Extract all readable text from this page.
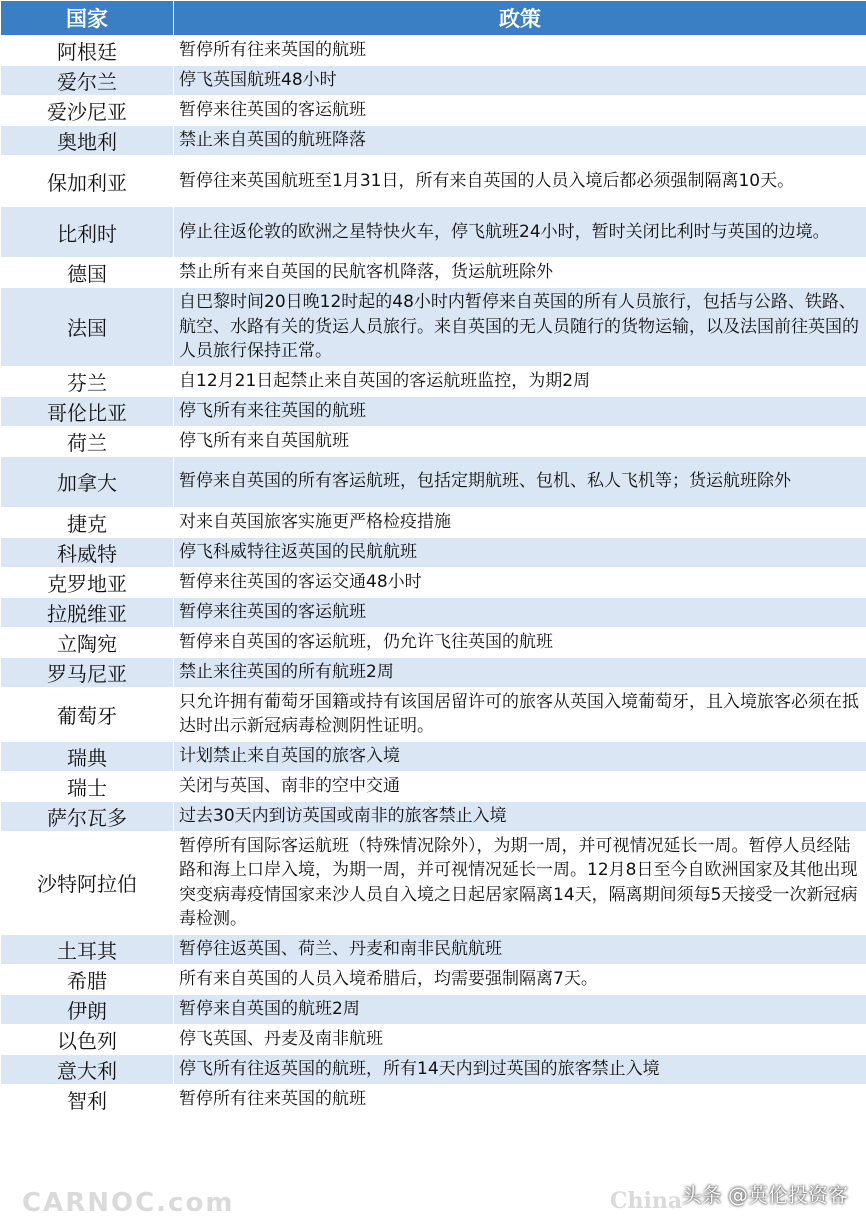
国家	政策
阿根廷	暂停所有往来英国的航班
爱尔兰	停飞英国航班48小时
爱沙尼亚	暂停来往英国的客运航班
奥地利	禁止来自英国的航班降落
保加利亚	暂停往来英国航班至1月31日，所有来自英国的人员入境后都必须强制隔离10天。
比利时	停止往返伦敦的欧洲之星特快火车，停飞航班24小时，暂时关闭比利时与英国的边境。
德国	禁止所有来自英国的民航客机降落，货运航班除外
法国	自巴黎时间20日晚12时起的48小时内暂停来自英国的所有人员旅行，包括与公路、铁路、航空、水路有关的货运人员旅行。来自英国的无人员随行的货物运输，以及法国前往英国的人员旅行保持正常。
芬兰	自12月21日起禁止来自英国的客运航班监控，为期2周
哥伦比亚	停飞所有来往英国的航班
荷兰	停飞所有来自英国航班
加拿大	暂停来自英国的所有客运航班，包括定期航班、包机、私人飞机等；货运航班除外
捷克	对来自英国旅客实施更严格检疫措施
科威特	停飞科威特往返英国的民航航班
克罗地亚	暂停来往英国的客运交通48小时
拉脱维亚	暂停来往英国的客运航班
立陶宛	暂停来自英国的客运航班，仍允许飞往英国的航班
罗马尼亚	禁止来往英国的所有航班2周
葡萄牙	只允许拥有葡萄牙国籍或持有该国居留许可的旅客从英国入境葡萄牙，且入境旅客必须在抵达时出示新冠病毒检测阴性证明。
瑞典	计划禁止来自英国的旅客入境
瑞士	关闭与英国、南非的空中交通
萨尔瓦多	过去30天内到访英国或南非的旅客禁止入境
沙特阿拉伯	暂停所有国际客运航班（特殊情况除外），为期一周，并可视情况延长一周。暂停人员经陆路和海上口岸入境，为期一周，并可视情况延长一周。12月8日至今自欧洲国家及其他出现突变病毒疫情国家来沙人员自入境之日起居家隔离14天，隔离期间须每5天接受一次新冠病毒检测。
土耳其	暂停往返英国、荷兰、丹麦和南非民航航班
希腊	所有来自英国的人员入境希腊后，均需要强制隔离7天。
伊朗	暂停来自英国的航班2周
以色列	停飞英国、丹麦及南非航班
意大利	停飞所有往返英国的航班，所有14天内到过英国的旅客禁止入境
智利	暂停所有往来英国的航班
CARNOC.com	China 头条 @英伦投资客
